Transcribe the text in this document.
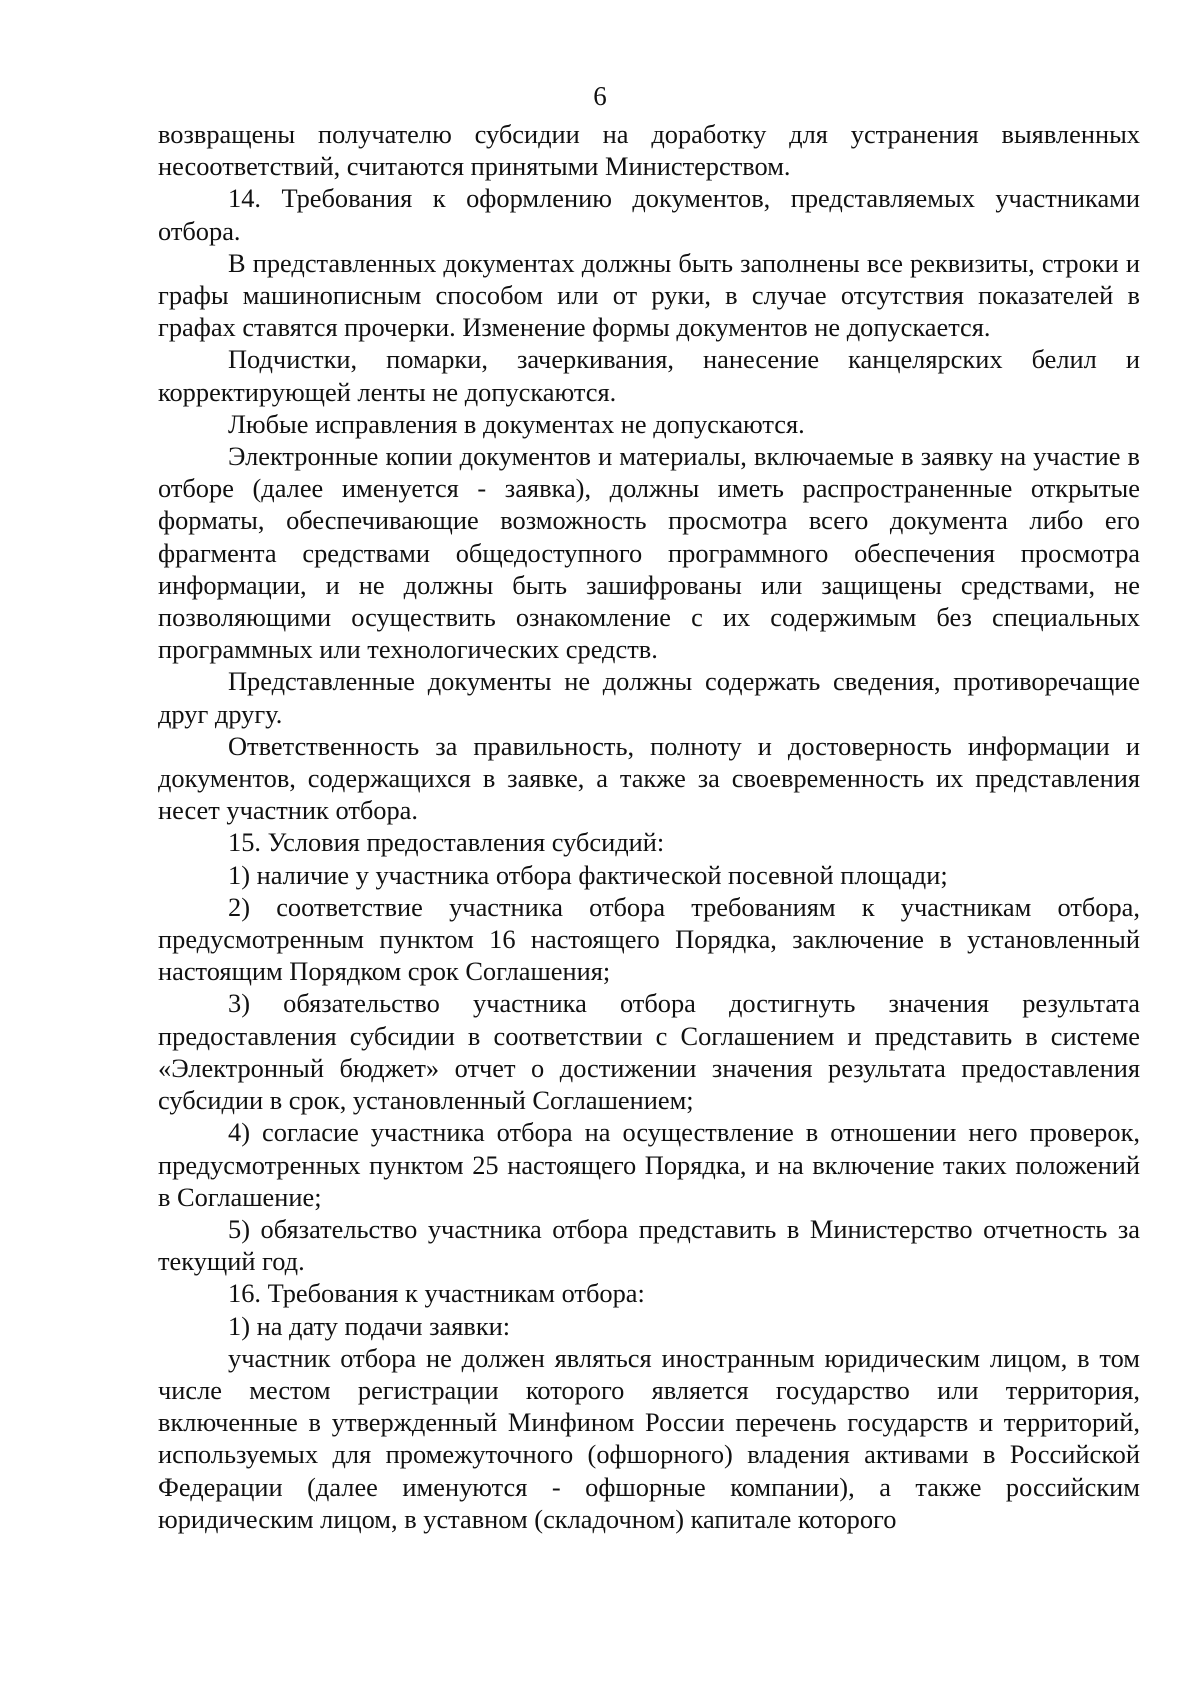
6

возвращены получателю субсидии на доработку для устранения выявленных несоответствий, считаются принятыми Министерством.

14. Требования к оформлению документов, представляемых участниками отбора.

В представленных документах должны быть заполнены все реквизиты, строки и графы машинописным способом или от руки, в случае отсутствия показателей в графах ставятся прочерки. Изменение формы документов не допускается.

Подчистки, помарки, зачеркивания, нанесение канцелярских белил и корректирующей ленты не допускаются.

Любые исправления в документах не допускаются.

Электронные копии документов и материалы, включаемые в заявку на участие в отборе (далее именуется - заявка), должны иметь распространенные открытые форматы, обеспечивающие возможность просмотра всего документа либо его фрагмента средствами общедоступного программного обеспечения просмотра информации, и не должны быть зашифрованы или защищены средствами, не позволяющими осуществить ознакомление с их содержимым без специальных программных или технологических средств.

Представленные документы не должны содержать сведения, противоречащие друг другу.

Ответственность за правильность, полноту и достоверность информации и документов, содержащихся в заявке, а также за своевременность их представления несет участник отбора.

15. Условия предоставления субсидий:

1) наличие у участника отбора фактической посевной площади;

2) соответствие участника отбора требованиям к участникам отбора, предусмотренным пунктом 16 настоящего Порядка, заключение в установленный настоящим Порядком срок Соглашения;

3) обязательство участника отбора достигнуть значения результата предоставления субсидии в соответствии с Соглашением и представить в системе «Электронный бюджет» отчет о достижении значения результата предоставления субсидии в срок, установленный Соглашением;

4) согласие участника отбора на осуществление в отношении него проверок, предусмотренных пунктом 25 настоящего Порядка, и на включение таких положений в Соглашение;

5) обязательство участника отбора представить в Министерство отчетность за текущий год.

16. Требования к участникам отбора:

1) на дату подачи заявки:

участник отбора не должен являться иностранным юридическим лицом, в том числе местом регистрации которого является государство или территория, включенные в утвержденный Минфином России перечень государств и территорий, используемых для промежуточного (офшорного) владения активами в Российской Федерации (далее именуются - офшорные компании), а также российским юридическим лицом, в уставном (складочном) капитале которого
